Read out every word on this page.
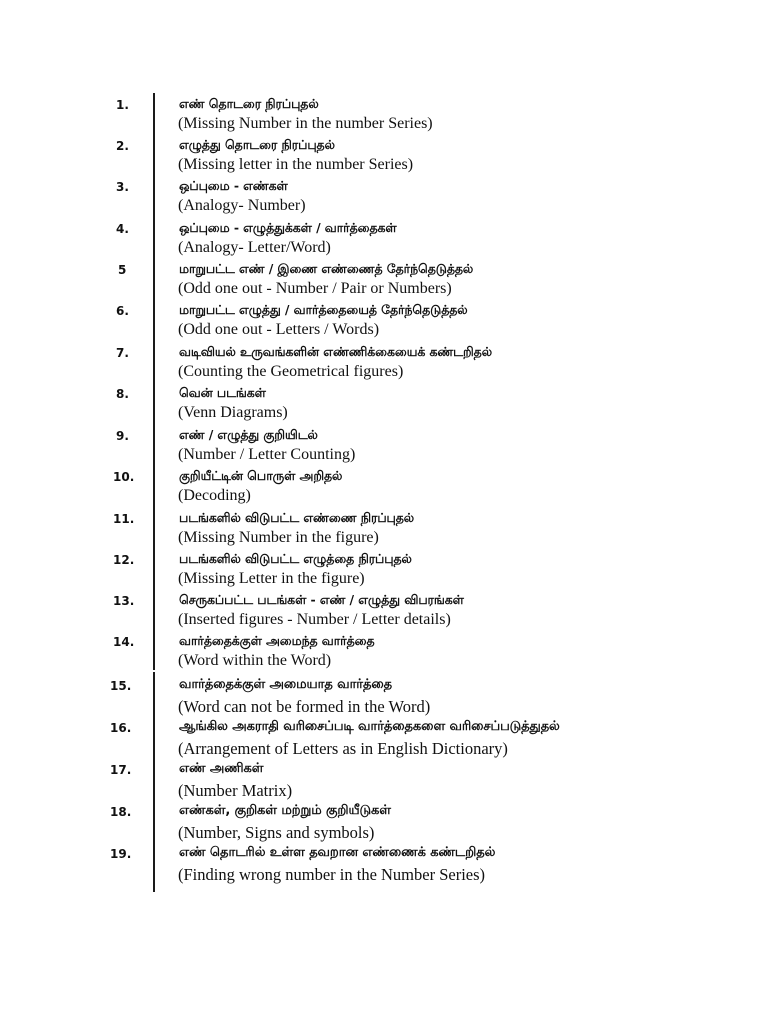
1.	எண் தொடரை நிரப்புதல்
(Missing Number in the number Series)
2.	எழுத்து தொடரை நிரப்புதல்
(Missing letter in the number Series)
3.	ஒப்புமை - எண்கள்
(Analogy- Number)
4.	ஒப்புமை - எழுத்துக்கள் / வார்த்தைகள்
(Analogy- Letter/Word)
5	மாறுபட்ட எண் / இணை எண்ணைத் தேர்ந்தெடுத்தல்
(Odd one out - Number / Pair or Numbers)
6.	மாறுபட்ட எழுத்து / வார்த்தையைத் தேர்ந்தெடுத்தல்
(Odd one out - Letters / Words)
7.	வடிவியல் உருவங்களின் எண்ணிக்கையைக் கண்டறிதல்
(Counting the Geometrical figures)
8.	வென் படங்கள்
(Venn Diagrams)
9.	எண் / எழுத்து குறியிடல்
(Number / Letter Counting)
10.	குறியீட்டின் பொருள் அறிதல்
(Decoding)
11.	படங்களில் விடுபட்ட எண்ணை நிரப்புதல்
(Missing Number in the figure)
12.	படங்களில் விடுபட்ட எழுத்தை நிரப்புதல்
(Missing Letter in the figure)
13.	செருகப்பட்ட படங்கள் - எண் / எழுத்து விபரங்கள்
(Inserted figures - Number / Letter details)
14.	வார்த்தைக்குள் அமைந்த வார்த்தை
(Word within the Word)
15.	வார்த்தைக்குள் அமையாத வார்த்தை
(Word can not be formed in the Word)
16.	ஆங்கில அகராதி வரிசைப்படி வார்த்தைகளை வரிசைப்படுத்துதல்
(Arrangement of Letters as in English Dictionary)
17.	எண் அணிகள்
(Number Matrix)
18.	எண்கள், குறிகள் மற்றும் குறியீடுகள்
(Number, Signs and symbols)
19.	எண் தொடரில் உள்ள தவறான எண்ணைக் கண்டறிதல்
(Finding wrong number in the Number Series)
